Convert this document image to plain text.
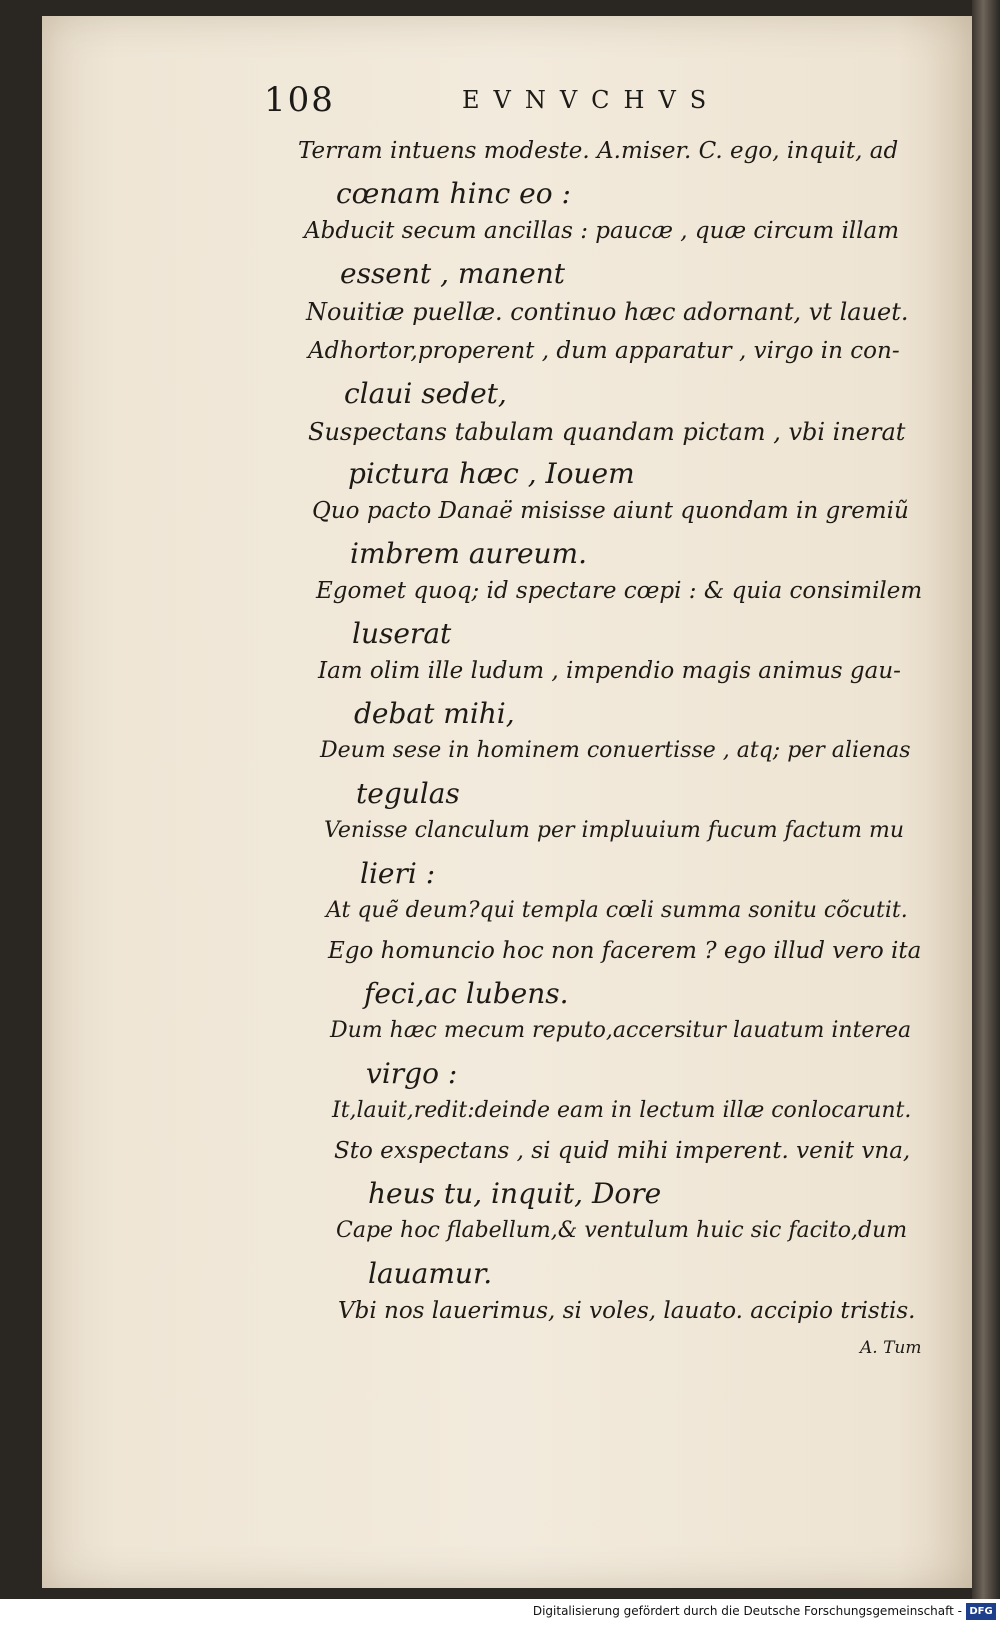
108	EVNVCHVS
Terram intuens modeste. A.miser. C. ego, inquit, ad
cœnam hinc eo :
Abducit secum ancillas : paucæ , quæ circum illam
essent , manent
Nouitiæ puellæ. continuo hæc adornant, vt lauet.
Adhortor,properent , dum apparatur , virgo in con-
claui sedet,
Suspectans tabulam quandam pictam , vbi inerat
pictura hæc , Iouem
Quo pacto Danaë misisse aiunt quondam in gremiũ
imbrem aureum.
Egomet quoq; id spectare cœpi : & quia consimilem
luserat
Iam olim ille ludum , impendio magis animus gau-
debat mihi,
Deum sese in hominem conuertisse , atq; per alienas
tegulas
Venisse clanculum per impluuium fucum factum mu
lieri :
At quẽ deum?qui templa cœli summa sonitu cõcutit.
Ego homuncio hoc non facerem ? ego illud vero ita
feci,ac lubens.
Dum hæc mecum reputo,accersitur lauatum interea
virgo :
It,lauit,redit:deinde eam in lectum illæ conlocarunt.
Sto exspectans , si quid mihi imperent. venit vna,
heus tu, inquit, Dore
Cape hoc flabellum,& ventulum huic sic facito,dum
lauamur.
Vbi nos lauerimus, si voles, lauato. accipio tristis.
A. Tum
Digitalisierung gefördert durch die Deutsche Forschungsgemeinschaft - DFG
